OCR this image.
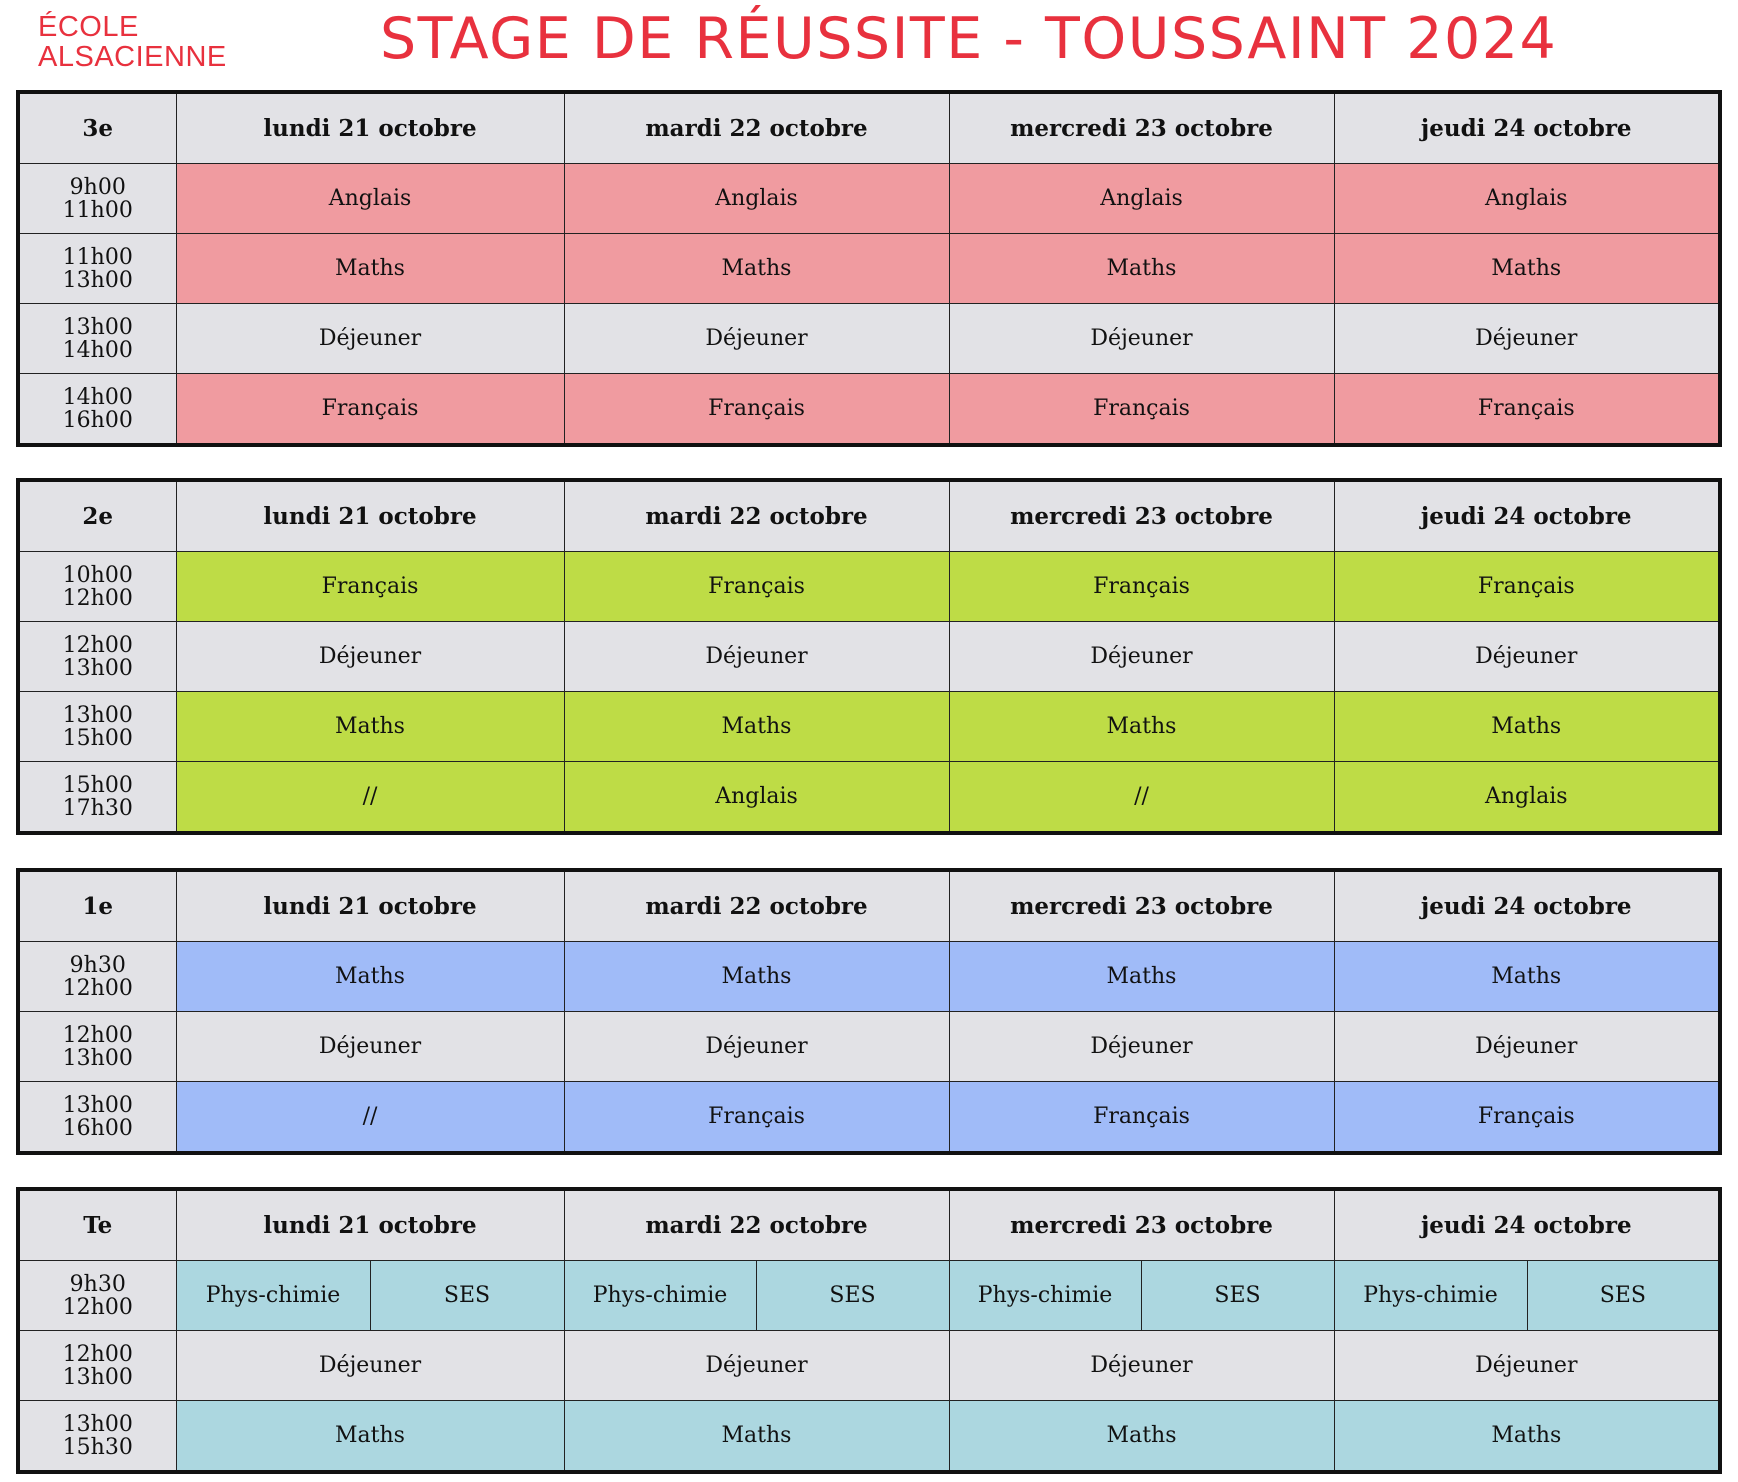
ÉCOLE
ALSACIENNE	STAGE DE RÉUSSITE - TOUSSAINT 2024
3e	lundi 21 octobre	mardi 22 octobre	mercredi 23 octobre	jeudi 24 octobre

9h00
11h00	Anglais	Anglais	Anglais	Anglais

11h00
13h00	Maths	Maths	Maths	Maths

13h00
14h00	Déjeuner	Déjeuner	Déjeuner	Déjeuner

14h00
16h00	Français	Français	Français	Français
2e	lundi 21 octobre	mardi 22 octobre	mercredi 23 octobre	jeudi 24 octobre

10h00
12h00	Français	Français	Français	Français

12h00
13h00	Déjeuner	Déjeuner	Déjeuner	Déjeuner

13h00
15h00	Maths	Maths	Maths	Maths

15h00
17h30	//	Anglais	//	Anglais
1e	lundi 21 octobre	mardi 22 octobre	mercredi 23 octobre	jeudi 24 octobre

9h30
12h00	Maths	Maths	Maths	Maths

12h00
13h00	Déjeuner	Déjeuner	Déjeuner	Déjeuner

13h00
16h00	//	Français	Français	Français
Te	lundi 21 octobre		mardi 22 octobre		mercredi 23 octobre		jeudi 24 octobre	

9h30
12h00	Phys-chimie	SES	Phys-chimie	SES	Phys-chimie	SES	Phys-chimie	SES

12h00
13h00	Déjeuner		Déjeuner		Déjeuner		Déjeuner	

13h00
15h30	Maths		Maths		Maths		Maths	
